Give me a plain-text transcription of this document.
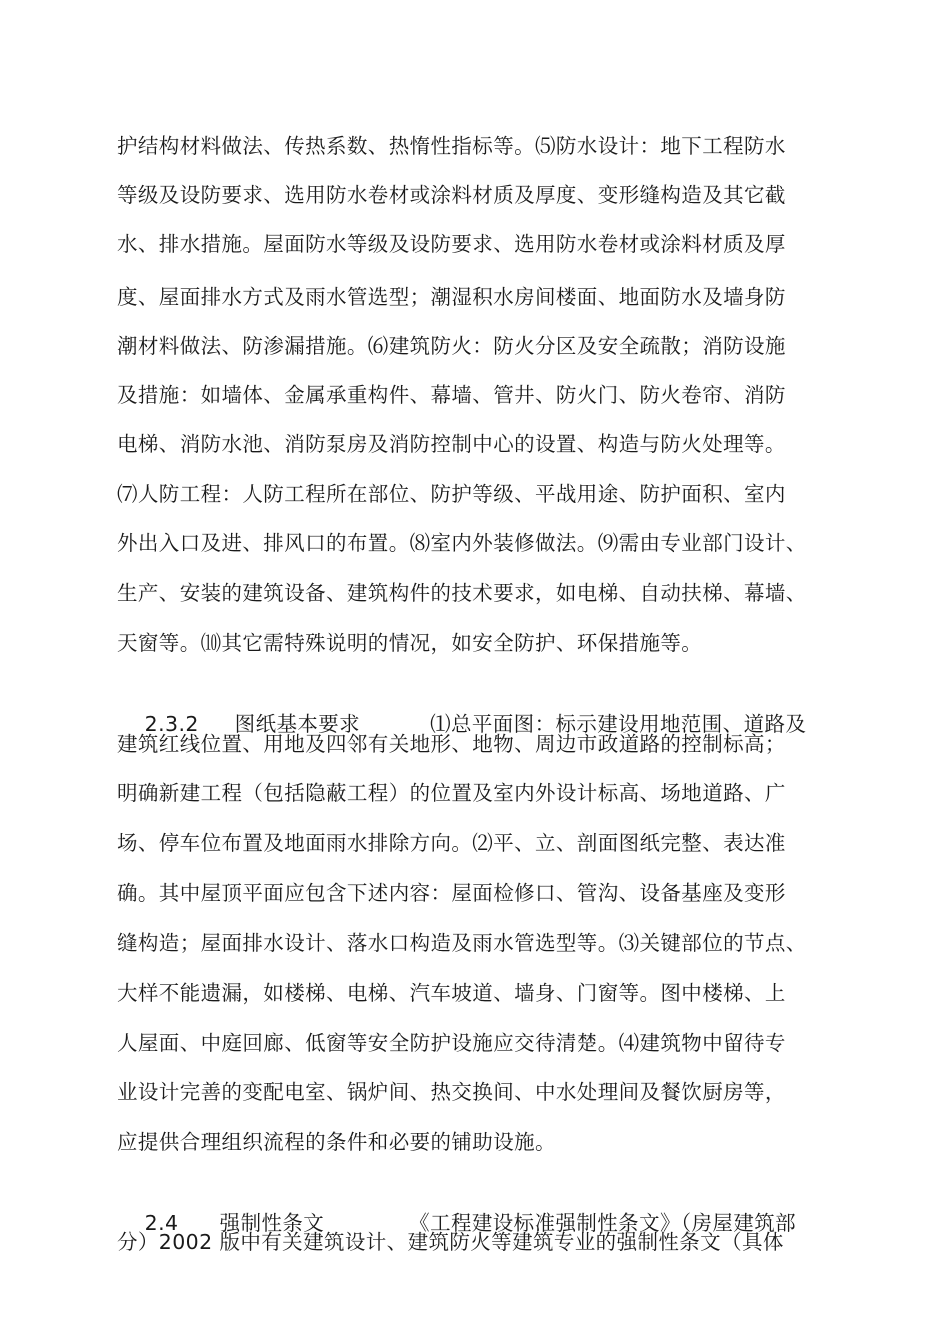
护结构材料做法、传热系数、热惰性指标等。⑸防水设计：地下工程防水
等级及设防要求、选用防水卷材或涂料材质及厚度、变形缝构造及其它截
水、排水措施。屋面防水等级及设防要求、选用防水卷材或涂料材质及厚
度、屋面排水方式及雨水管选型；潮湿积水房间楼面、地面防水及墙身防
潮材料做法、防渗漏措施。⑹建筑防火：防火分区及安全疏散；消防设施
及措施：如墙体、金属承重构件、幕墙、管井、防火门、防火卷帘、消防
电梯、消防水池、消防泵房及消防控制中心的设置、构造与防火处理等。
⑺人防工程：人防工程所在部位、防护等级、平战用途、防护面积、室内
外出入口及进、排风口的布置。⑻室内外装修做法。⑼需由专业部门设计、
生产、安装的建筑设备、建筑构件的技术要求，如电梯、自动扶梯、幕墙、
天窗等。⑽其它需特殊说明的情况，如安全防护、环保措施等。

2.3.2 图纸基本要求	⑴总平面图：标示建设用地范围、道路及

建筑红线位置、用地及四邻有关地形、地物、周边市政道路的控制标高；
明确新建工程（包括隐蔽工程）的位置及室内外设计标高、场地道路、广
场、停车位布置及地面雨水排除方向。⑵平、立、剖面图纸完整、表达准
确。其中屋顶平面应包含下述内容：屋面检修口、管沟、设备基座及变形
缝构造；屋面排水设计、落水口构造及雨水管选型等。⑶关键部位的节点、
大样不能遗漏，如楼梯、电梯、汽车坡道、墙身、门窗等。图中楼梯、上
人屋面、中庭回廊、低窗等安全防护设施应交待清楚。⑷建筑物中留待专
业设计完善的变配电室、锅炉间、热交换间、中水处理间及餐饮厨房等，
应提供合理组织流程的条件和必要的铺助设施。

2.4 强制性条文	《工程建设标准强制性条文》（房屋建筑部

分）2002 版中有关建筑设计、建筑防火等建筑专业的强制性条文（具体
